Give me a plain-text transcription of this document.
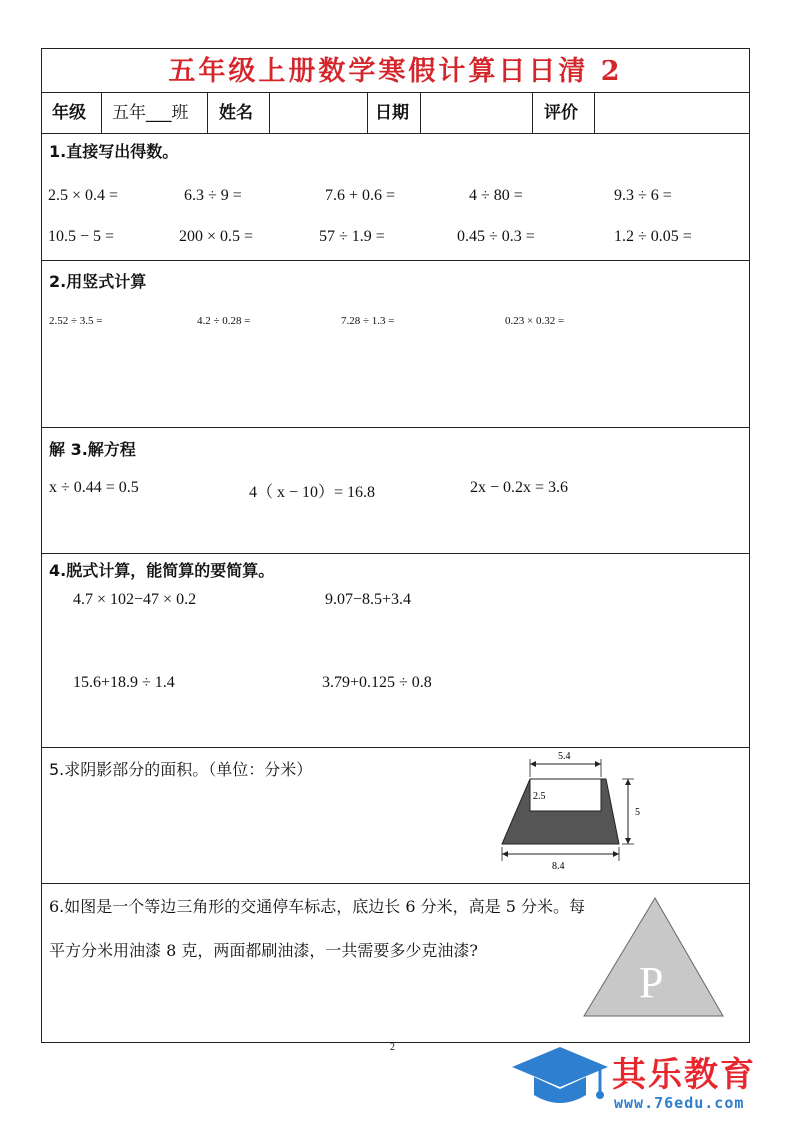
五年级上册数学寒假计算日日清 2
年级 五年___班 姓名	日期	评价
1.直接写出得数。
2.5 × 0.4 =	6.3 ÷ 9 =	7.6 + 0.6 =	4 ÷ 80 =	9.3 ÷ 6 =
10.5 − 5 =	200 × 0.5 =	57 ÷ 1.9 =	0.45 ÷ 0.3 =	1.2 ÷ 0.05 =
2.用竖式计算
2.52 ÷ 3.5 =	4.2 ÷ 0.28 =	7.28 ÷ 1.3 =	0.23 × 0.32 =
解 3.解方程
x ÷ 0.44 = 0.5	4（ x − 10）= 16.8	2x − 0.2x = 3.6
4.脱式计算，能简算的要简算。
4.7 × 102−47 × 0.2	9.07−8.5+3.4
15.6+18.9 ÷ 1.4	3.79+0.125 ÷ 0.8
5.求阴影部分的面积。（单位：分米）
5.4
2.5
5
8.4
6.如图是一个等边三角形的交通停车标志，底边长 6 分米，高是 5 分米。每平方分米用油漆 8 克，两面都刷油漆，一共需要多少克油漆?
P
2
其乐教育
www.76edu.com
